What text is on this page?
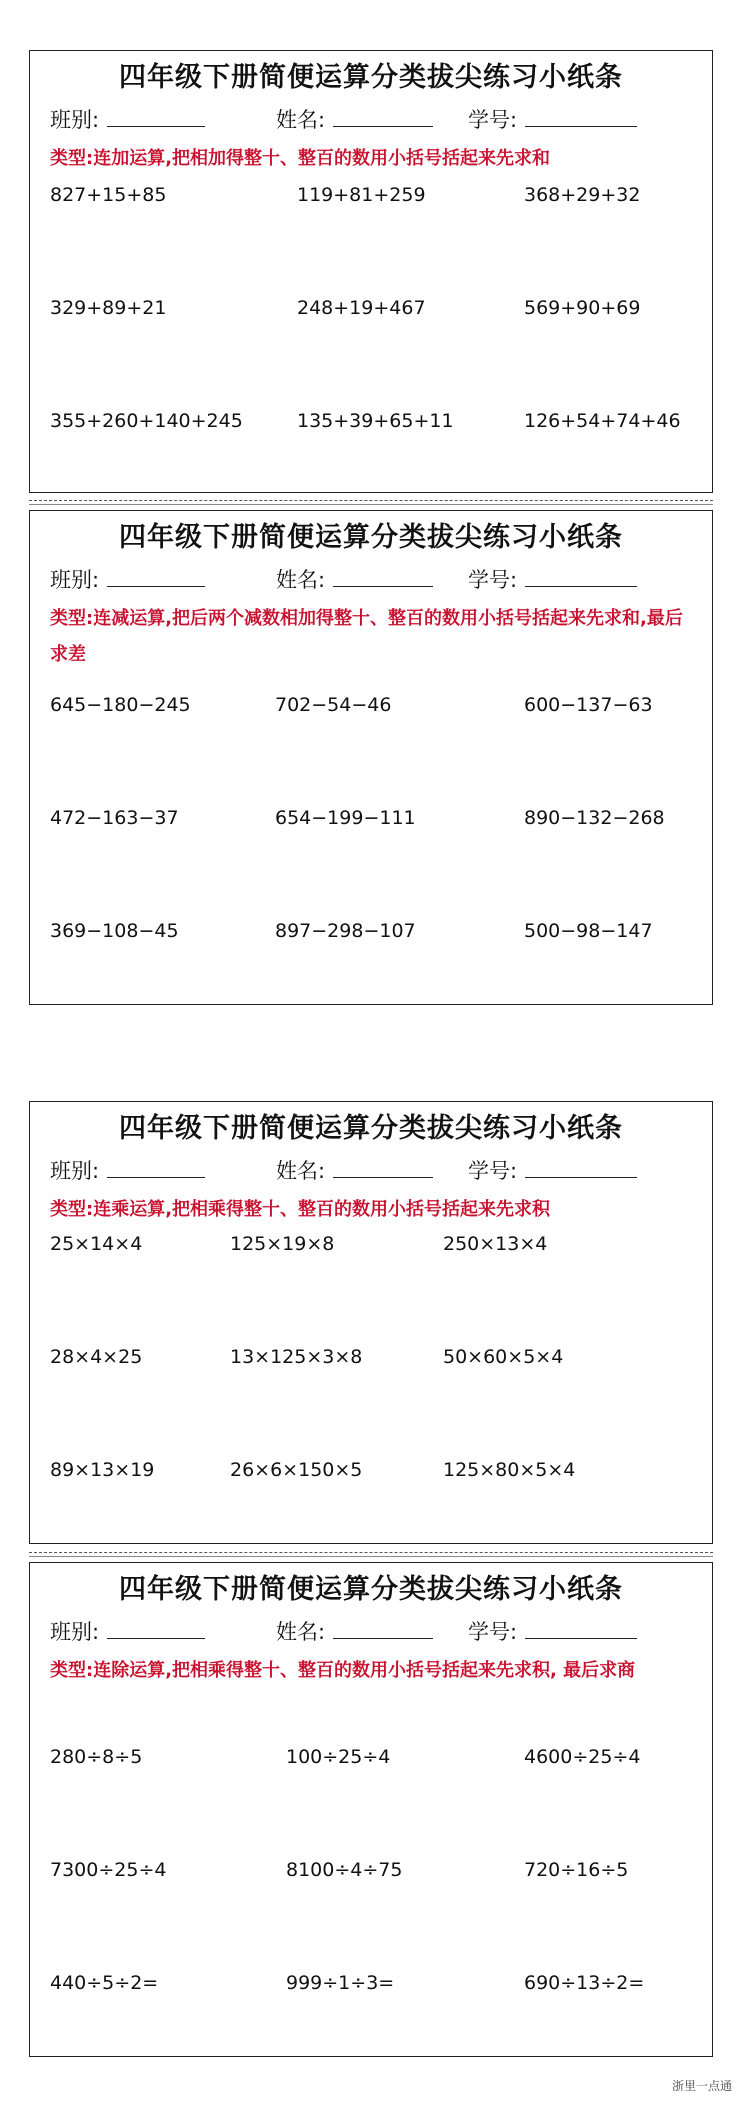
四年级下册简便运算分类拔尖练习小纸条
班别:	姓名:	学号:
类型:连加运算,把相加得整十、整百的数用小括号括起来先求和
827+15+85	119+81+259	368+29+32
329+89+21	248+19+467	569+90+69
355+260+140+245	135+39+65+11	126+54+74+46
四年级下册简便运算分类拔尖练习小纸条
班别:	姓名:	学号:
类型:连减运算,把后两个减数相加得整十、整百的数用小括号括起来先求和,最后求差
645−180−245	702−54−46	600−137−63
472−163−37	654−199−111	890−132−268
369−108−45	897−298−107	500−98−147
四年级下册简便运算分类拔尖练习小纸条
班别:	姓名:	学号:
类型:连乘运算,把相乘得整十、整百的数用小括号括起来先求积
25×14×4	125×19×8	250×13×4
28×4×25	13×125×3×8	50×60×5×4
89×13×19	26×6×150×5	125×80×5×4
四年级下册简便运算分类拔尖练习小纸条
班别:	姓名:	学号:
类型:连除运算,把相乘得整十、整百的数用小括号括起来先求积, 最后求商
280÷8÷5	100÷25÷4	4600÷25÷4
7300÷25÷4	8100÷4÷75	720÷16÷5
440÷5÷2=	999÷1÷3=	690÷13÷2=
浙里一点通
